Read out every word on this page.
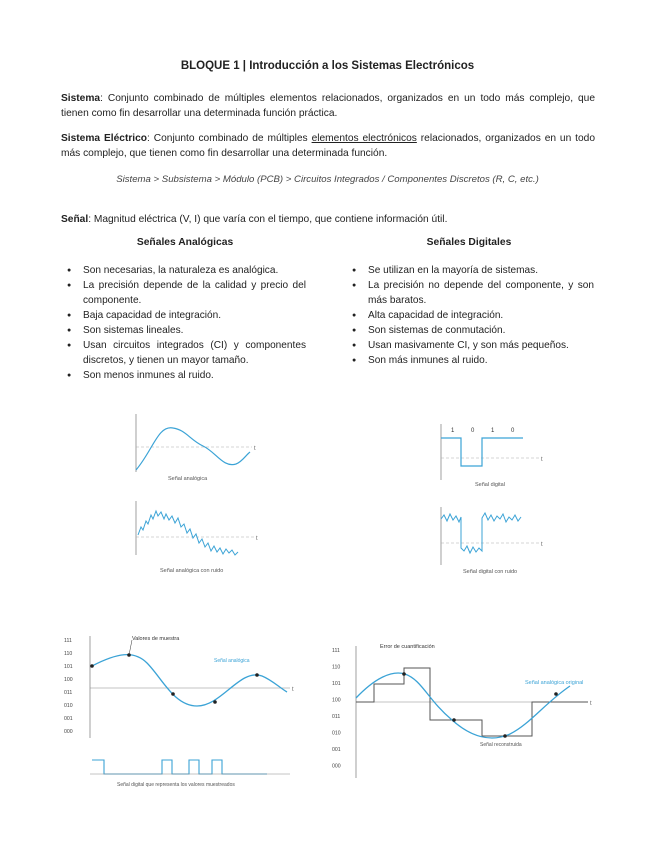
BLOQUE 1 | Introducción a los Sistemas Electrónicos

Sistema: Conjunto combinado de múltiples elementos relacionados, organizados en un todo más complejo, que tienen como fin desarrollar una determinada función práctica.

Sistema Eléctrico: Conjunto combinado de múltiples elementos electrónicos relacionados, organizados en un todo más complejo, que tienen como fin desarrollar una determinada función.

Sistema > Subsistema > Módulo (PCB) > Circuitos Integrados / Componentes Discretos (R, C, etc.)

Señal: Magnitud eléctrica (V, I) que varía con el tiempo, que contiene información útil.

Señales Analógicas	Señales Digitales
● Son necesarias, la naturaleza es analógica.
● La precisión depende de la calidad y precio del componente.
● Baja capacidad de integración.
● Son sistemas lineales.
● Usan circuitos integrados (CI) y componentes discretos, y tienen un mayor tamaño.
● Son menos inmunes al ruido.
● Se utilizan en la mayoría de sistemas.
● La precisión no depende del componente, y son más baratos.
● Alta capacidad de integración.
● Son sistemas de conmutación.
● Usan masivamente CI, y son más pequeños.
● Son más inmunes al ruido.
t
Señal analógica
t
Señal analógica con ruido
t
1	0	1	0
Señal digital
t
Señal digital con ruido
111
110
101
100
011
010
001
000
t
Valores de muestra
Señal analógica
Señal digital que representa los valores muestreados
111
110
101
100
011
010
001
000
t
Error de cuantificación
Señal analógica original
Señal reconstruida
